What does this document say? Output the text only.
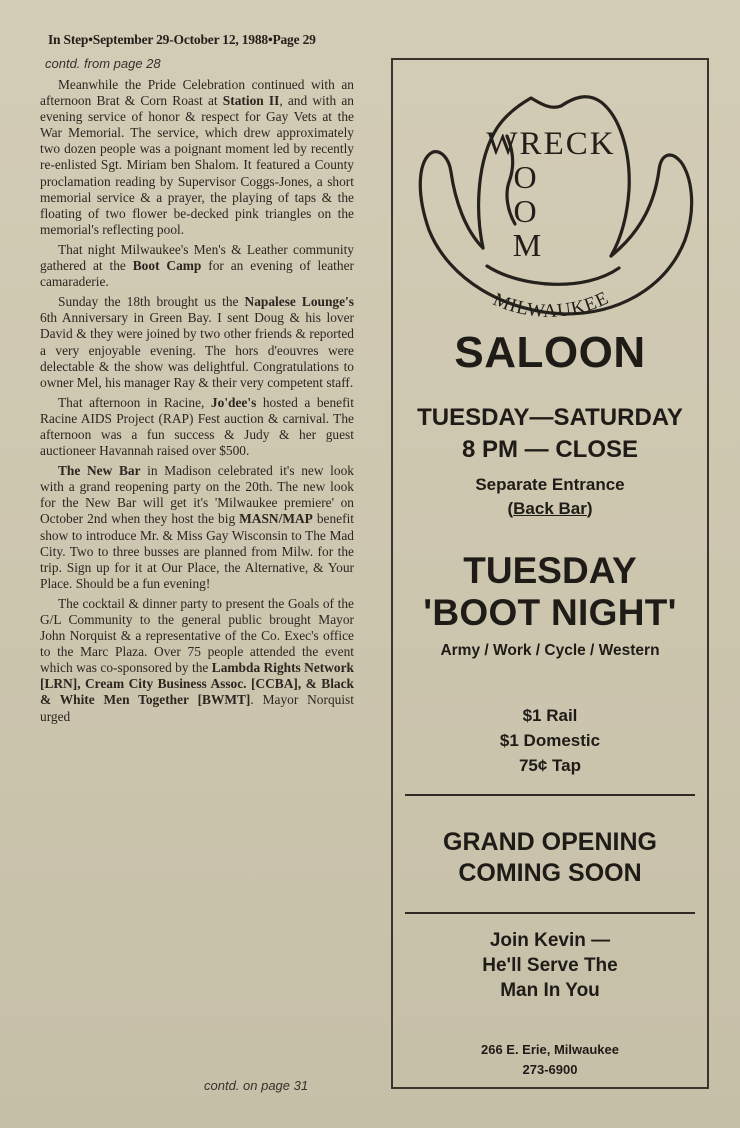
In Step•September 29-October 12, 1988•Page 29
contd. from page 28

Meanwhile the Pride Celebration continued with an afternoon Brat & Corn Roast at Station II, and with an evening service of honor & respect for Gay Vets at the War Memorial. The service, which drew approximately two dozen people was a poignant moment led by recently re-enlisted Sgt. Miriam ben Shalom. It featured a County proclamation reading by Supervisor Coggs-Jones, a short memorial service & a prayer, the playing of taps & the floating of two flower be-decked pink triangles on the memorial's reflecting pool.

That night Milwaukee's Men's & Leather community gathered at the Boot Camp for an evening of leather camaraderie.

Sunday the 18th brought us the Napalese Lounge's 6th Anniversary in Green Bay. I sent Doug & his lover David & they were joined by two other friends & reported a very enjoyable evening. The hors d'eouvres were delectable & the show was delightful. Congratulations to owner Mel, his manager Ray & their very competent staff.

That afternoon in Racine, Jo'dee's hosted a benefit Racine AIDS Project (RAP) Fest auction & carnival. The afternoon was a fun success & Judy & her guest auctioneer Havannah raised over $500.

The New Bar in Madison celebrated it's new look with a grand reopening party on the 20th. The new look for the New Bar will get it's 'Milwaukee premiere' on October 2nd when they host the big MASN/MAP benefit show to introduce Mr. & Miss Gay Wisconsin to The Mad City. Two to three busses are planned from Milw. for the trip. Sign up for it at Our Place, the Alternative, & Your Place. Should be a fun evening!

The cocktail & dinner party to present the Goals of the G/L Community to the general public brought Mayor John Norquist & a representative of the Co. Exec's office to the Marc Plaza. Over 75 people attended the event which was co-sponsored by the Lambda Rights Network [LRN], Cream City Business Assoc. [CCBA], & Black & White Men Together [BWMT]. Mayor Norquist urged

contd. on page 31
WRECK
O
O
M
MILWAUKEE
SALOON
TUESDAY—SATURDAY
8 PM — CLOSE
Separate Entrance
(Back Bar)
TUESDAY
'BOOT NIGHT'
Army / Work / Cycle / Western
$1 Rail
$1 Domestic
75¢ Tap
GRAND OPENING
COMING SOON
Join Kevin —
He'll Serve The
Man In You
266 E. Erie, Milwaukee
273-6900
